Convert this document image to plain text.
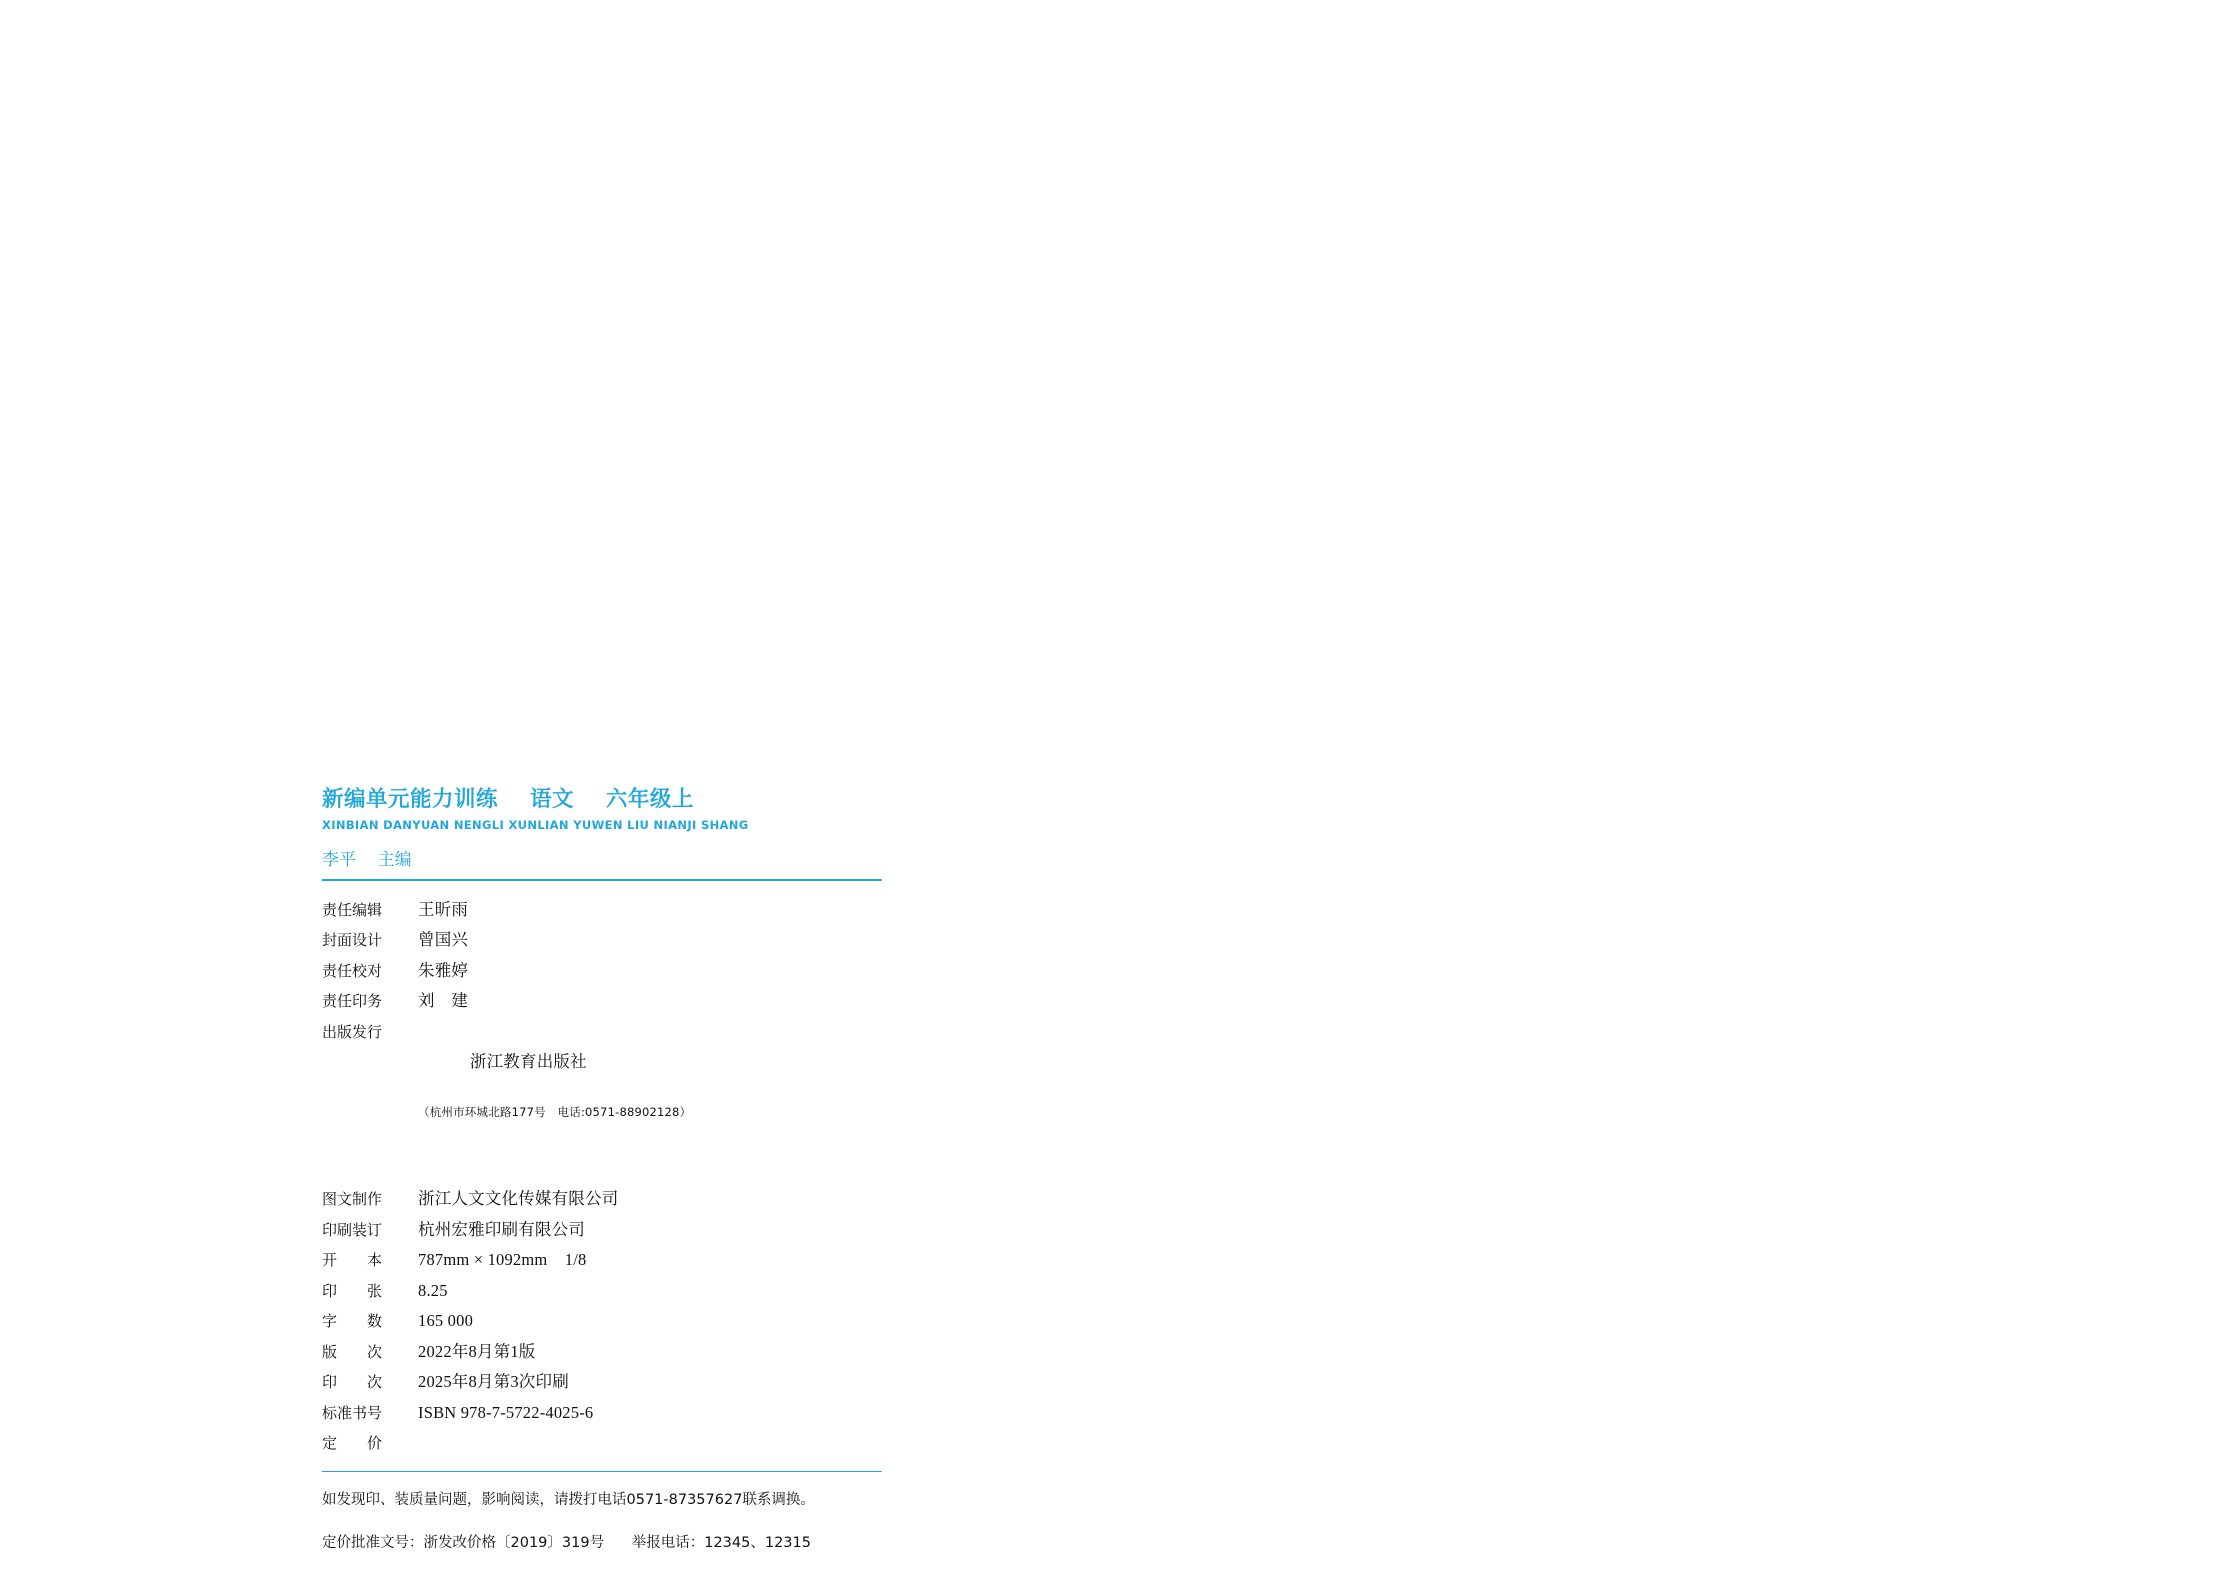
新编单元能力训练    语文    六年级上
XINBIAN DANYUAN NENGLI XUNLIAN YUWEN LIU NIANJI SHANG
李平    主编
责任编辑	王昕雨
封面设计	曾国兴
责任校对	朱雅婷
责任印务	刘　建
出版发行	浙江教育出版社

（杭州市环城北路177号　电话:0571-88902128）

图文制作	浙江人文文化传媒有限公司
印刷装订	杭州宏雅印刷有限公司
开　　本	787mm × 1092mm    1/8
印　　张	8.25
字　　数	165 000
版　　次	2022年8月第1版
印　　次	2025年8月第3次印刷
标准书号	ISBN 978-7-5722-4025-6
定　　价	
如发现印、装质量问题，影响阅读，请拨打电话0571-87357627联系调换。
定价批准文号：浙发改价格〔2019〕319号 举报电话：12345、12315
